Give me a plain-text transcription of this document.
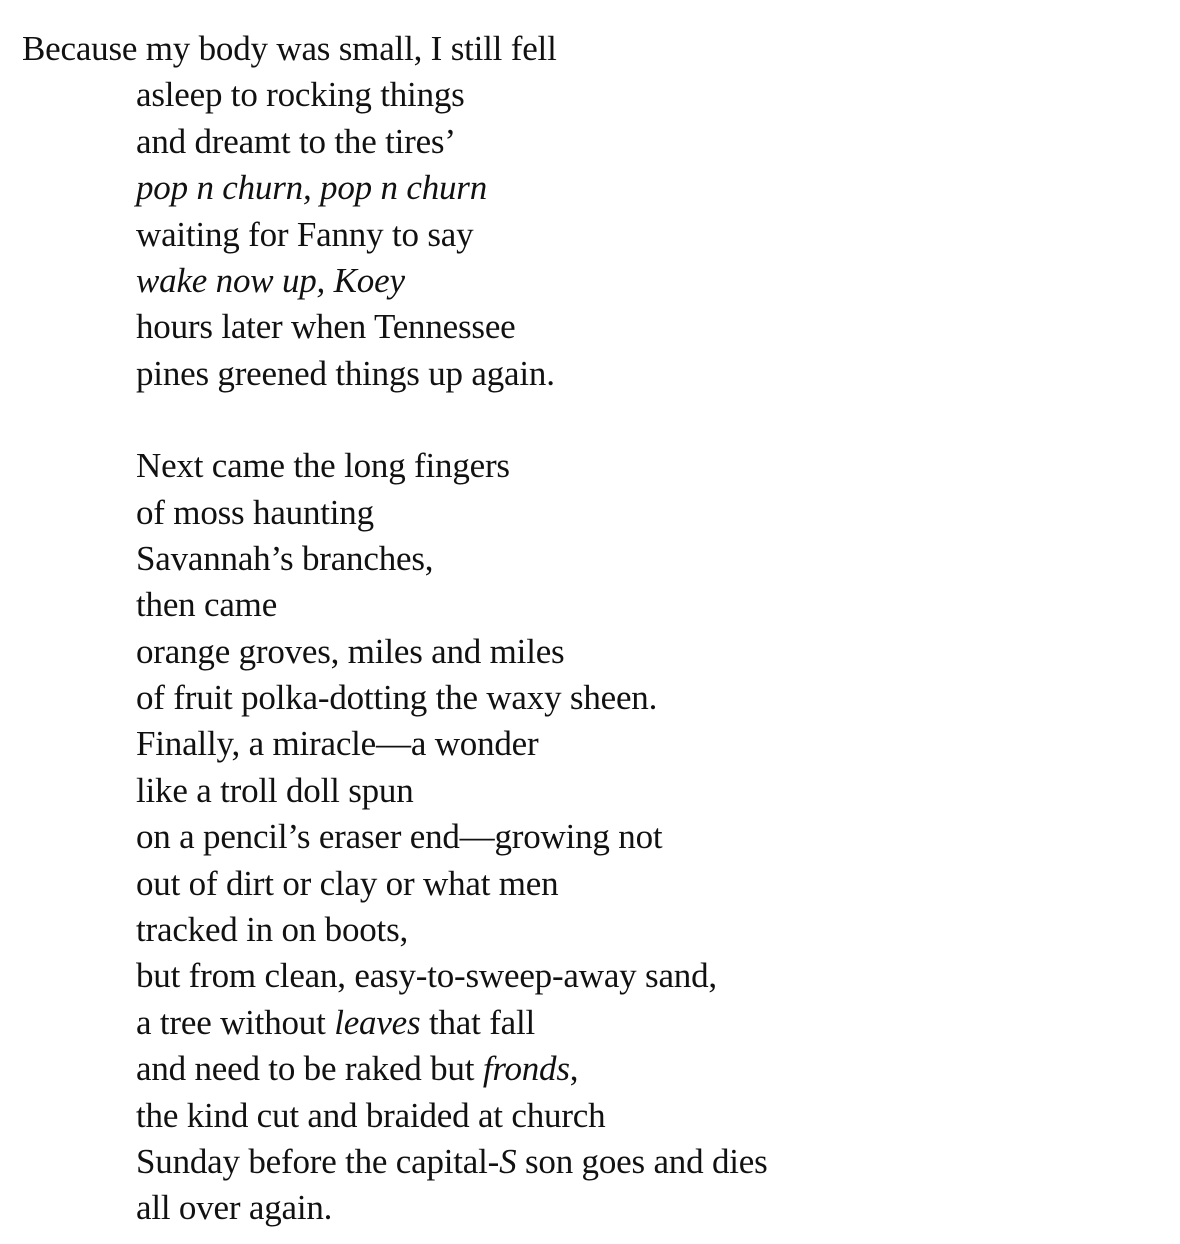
Because my body was small, I still fell
asleep to rocking things
and dreamt to the tires’
pop n churn, pop n churn
waiting for Fanny to say
wake now up, Koey
hours later when Tennessee
pines greened things up again.
Next came the long fingers
of moss haunting
Savannah’s branches,
then came
orange groves, miles and miles
of fruit polka-dotting the waxy sheen.
Finally, a miracle—a wonder
like a troll doll spun
on a pencil’s eraser end—growing not
out of dirt or clay or what men
tracked in on boots,
but from clean, easy-to-sweep-away sand,
a tree without leaves that fall
and need to be raked but fronds,
the kind cut and braided at church
Sunday before the capital-S son goes and dies
all over again.
